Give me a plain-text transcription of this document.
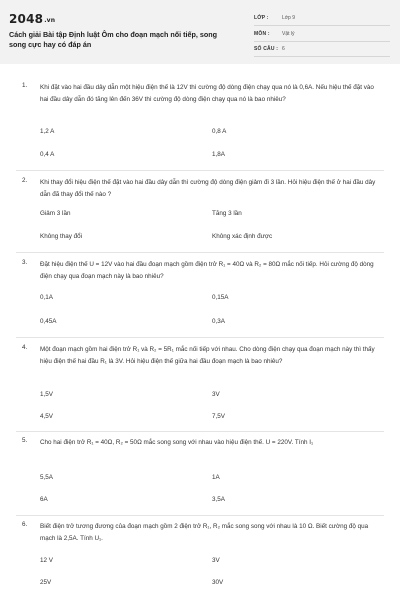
2048.vn
Cách giải Bài tập Định luật Ôm cho đoạn mạch nối tiếp, song song cực hay có đáp án
LỚP :	Lớp 9
MÔN : Vật lý
SỐ CÂU : 6
1. Khi đặt vào hai đầu dây dẫn một hiệu điện thế là 12V thì cường độ dòng điện chạy qua nó là 0,6A. Nếu hiệu thế đặt vào hai đầu dây dẫn đó tăng lên đến 36V thì cường độ dòng điện chạy qua nó là bao nhiêu?
1,2 A	0,8 A
0,4 A	1,8A
2. Khi thay đổi hiệu điện thế đặt vào hai đầu dây dẫn thì cường độ dòng điện giảm đi 3 lần. Hỏi hiệu điện thế ở hai đầu dây dẫn đã thay đổi thế nào ?
Giảm 3 lần	Tăng 3 lần
Không thay đổi	Không xác định được
3. Đặt hiệu điện thế U = 12V vào hai đầu đoạn mạch gồm điện trở R₁ = 40Ω và R₂ = 80Ω mắc nối tiếp. Hỏi cường độ dòng điện chạy qua đoạn mạch này là bao nhiêu?
0,1A	0,15A
0,45A	0,3A
4. Một đoạn mạch gồm hai điện trở R₁ và R₂ = 5R₁ mắc nối tiếp với nhau. Cho dòng điện chạy qua đoạn mạch này thì thấy hiệu điện thế hai đầu R₁ là 3V. Hỏi hiệu điện thế giữa hai đầu đoạn mạch là bao nhiêu?
1,5V	3V
4,5V	7,5V
5. Cho hai điện trở R₁ = 40Ω, R₂ = 50Ω mắc song song với nhau vào hiệu điện thế. U = 220V. Tính I₁
5,5A	1A
6A	3,5A
6. Biết điện trở tương đương của đoạn mạch gồm 2 điện trở R₁, R₂ mắc song song với nhau là 10 Ω. Biết cường độ qua mạch là 2,5A. Tính U₁.
12 V	3V
25V	30V
